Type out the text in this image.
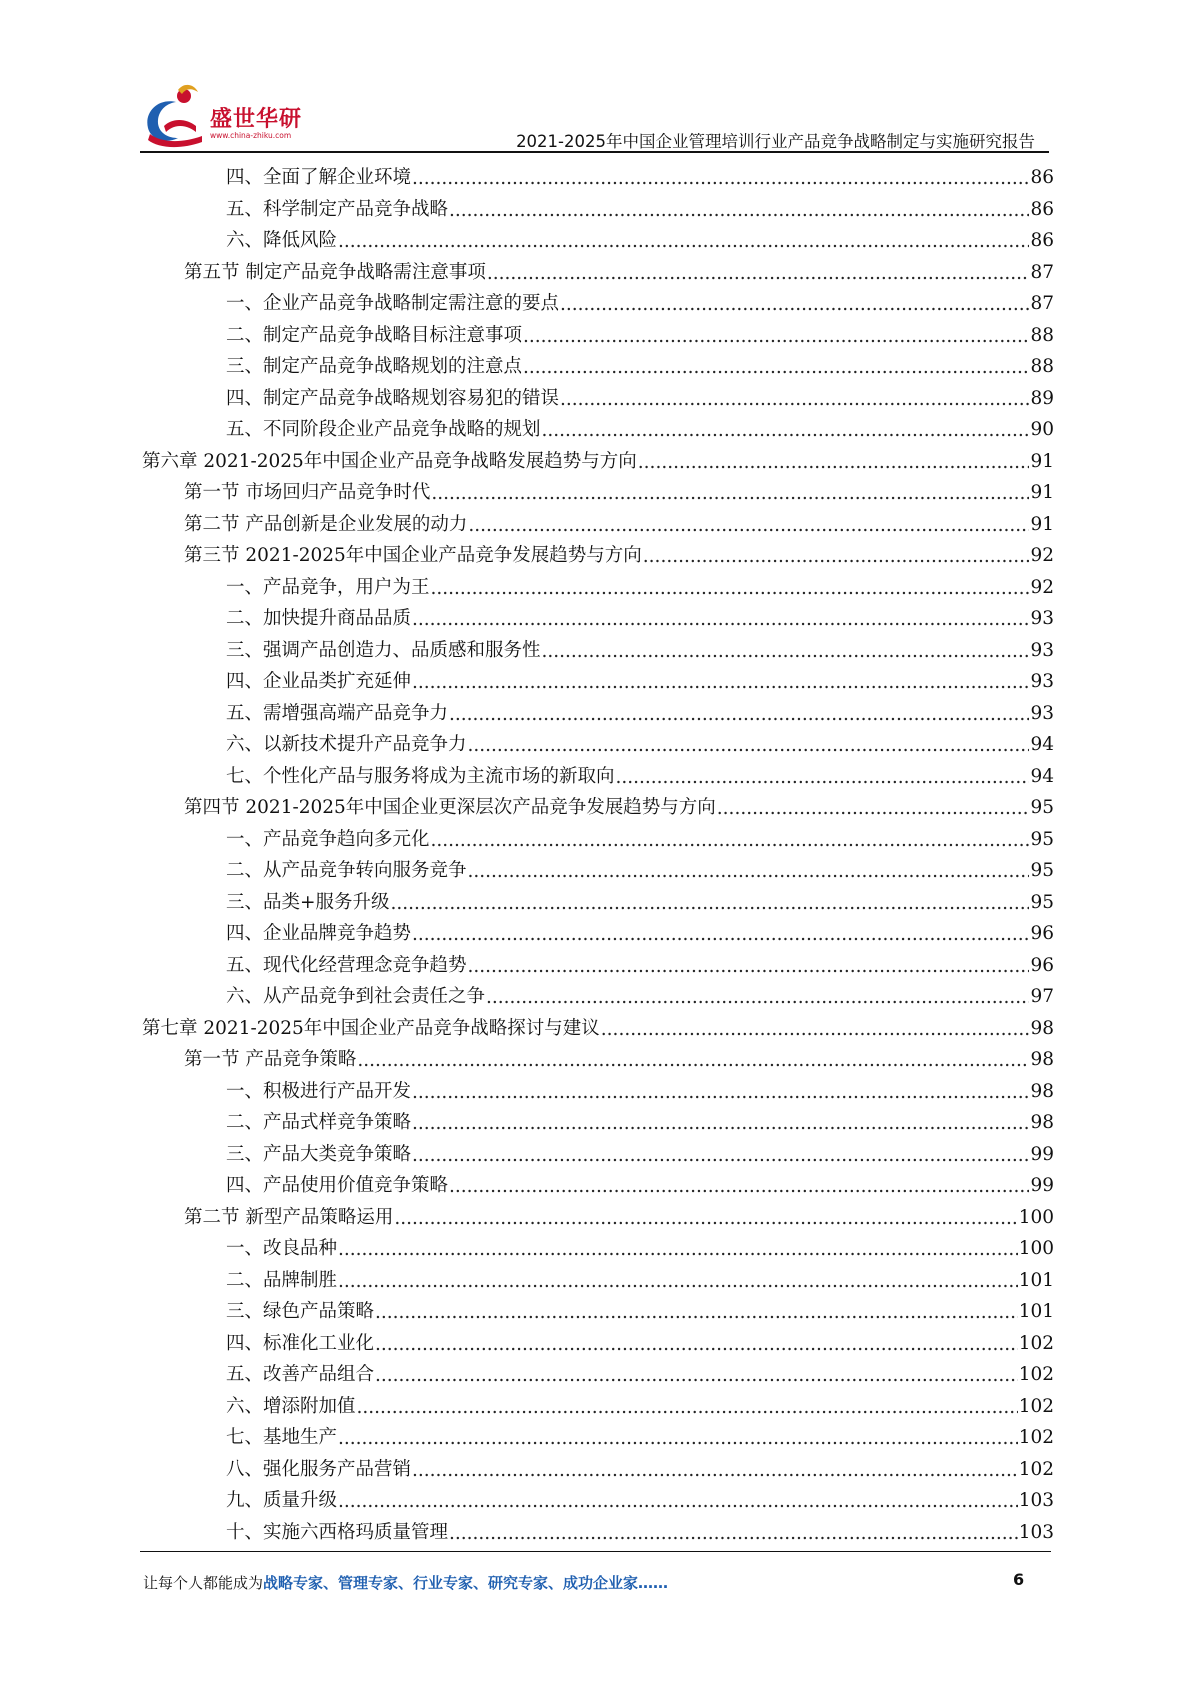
盛世华研
www.china-zhiku.com	2021-2025年中国企业管理培训行业产品竞争战略制定与实施研究报告
四、全面了解企业环境 .....	86
五、科学制定产品竞争战略 .....	86
六、降低风险 .....	86
第五节 制定产品竞争战略需注意事项 .....	87
一、企业产品竞争战略制定需注意的要点 .....	87
二、制定产品竞争战略目标注意事项 .....	88
三、制定产品竞争战略规划的注意点 .....	88
四、制定产品竞争战略规划容易犯的错误 .....	89
五、不同阶段企业产品竞争战略的规划 .....	90
第六章 2021-2025年中国企业产品竞争战略发展趋势与方向 .....	91
第一节 市场回归产品竞争时代 .....	91
第二节 产品创新是企业发展的动力 .....	91
第三节 2021-2025年中国企业产品竞争发展趋势与方向 .....	92
一、产品竞争，用户为王 .....	92
二、加快提升商品品质 .....	93
三、强调产品创造力、品质感和服务性 .....	93
四、企业品类扩充延伸 .....	93
五、需增强高端产品竞争力 .....	93
六、以新技术提升产品竞争力 .....	94
七、个性化产品与服务将成为主流市场的新取向 .....	94
第四节 2021-2025年中国企业更深层次产品竞争发展趋势与方向 .....	95
一、产品竞争趋向多元化 .....	95
二、从产品竞争转向服务竞争 .....	95
三、品类+服务升级 .....	95
四、企业品牌竞争趋势 .....	96
五、现代化经营理念竞争趋势 .....	96
六、从产品竞争到社会责任之争 .....	97
第七章 2021-2025年中国企业产品竞争战略探讨与建议 .....	98
第一节 产品竞争策略 .....	98
一、积极进行产品开发 .....	98
二、产品式样竞争策略 .....	98
三、产品大类竞争策略 .....	99
四、产品使用价值竞争策略 .....	99
第二节 新型产品策略运用 .....	100
一、改良品种 .....	100
二、品牌制胜 .....	101
三、绿色产品策略 .....	101
四、标准化工业化 .....	102
五、改善产品组合 .....	102
六、增添附加值 .....	102
七、基地生产 .....	102
八、强化服务产品营销 .....	102
九、质量升级 .....	103
十、实施六西格玛质量管理 .....	103
让每个人都能成为战略专家、管理专家、行业专家、研究专家、成功企业家……	6
